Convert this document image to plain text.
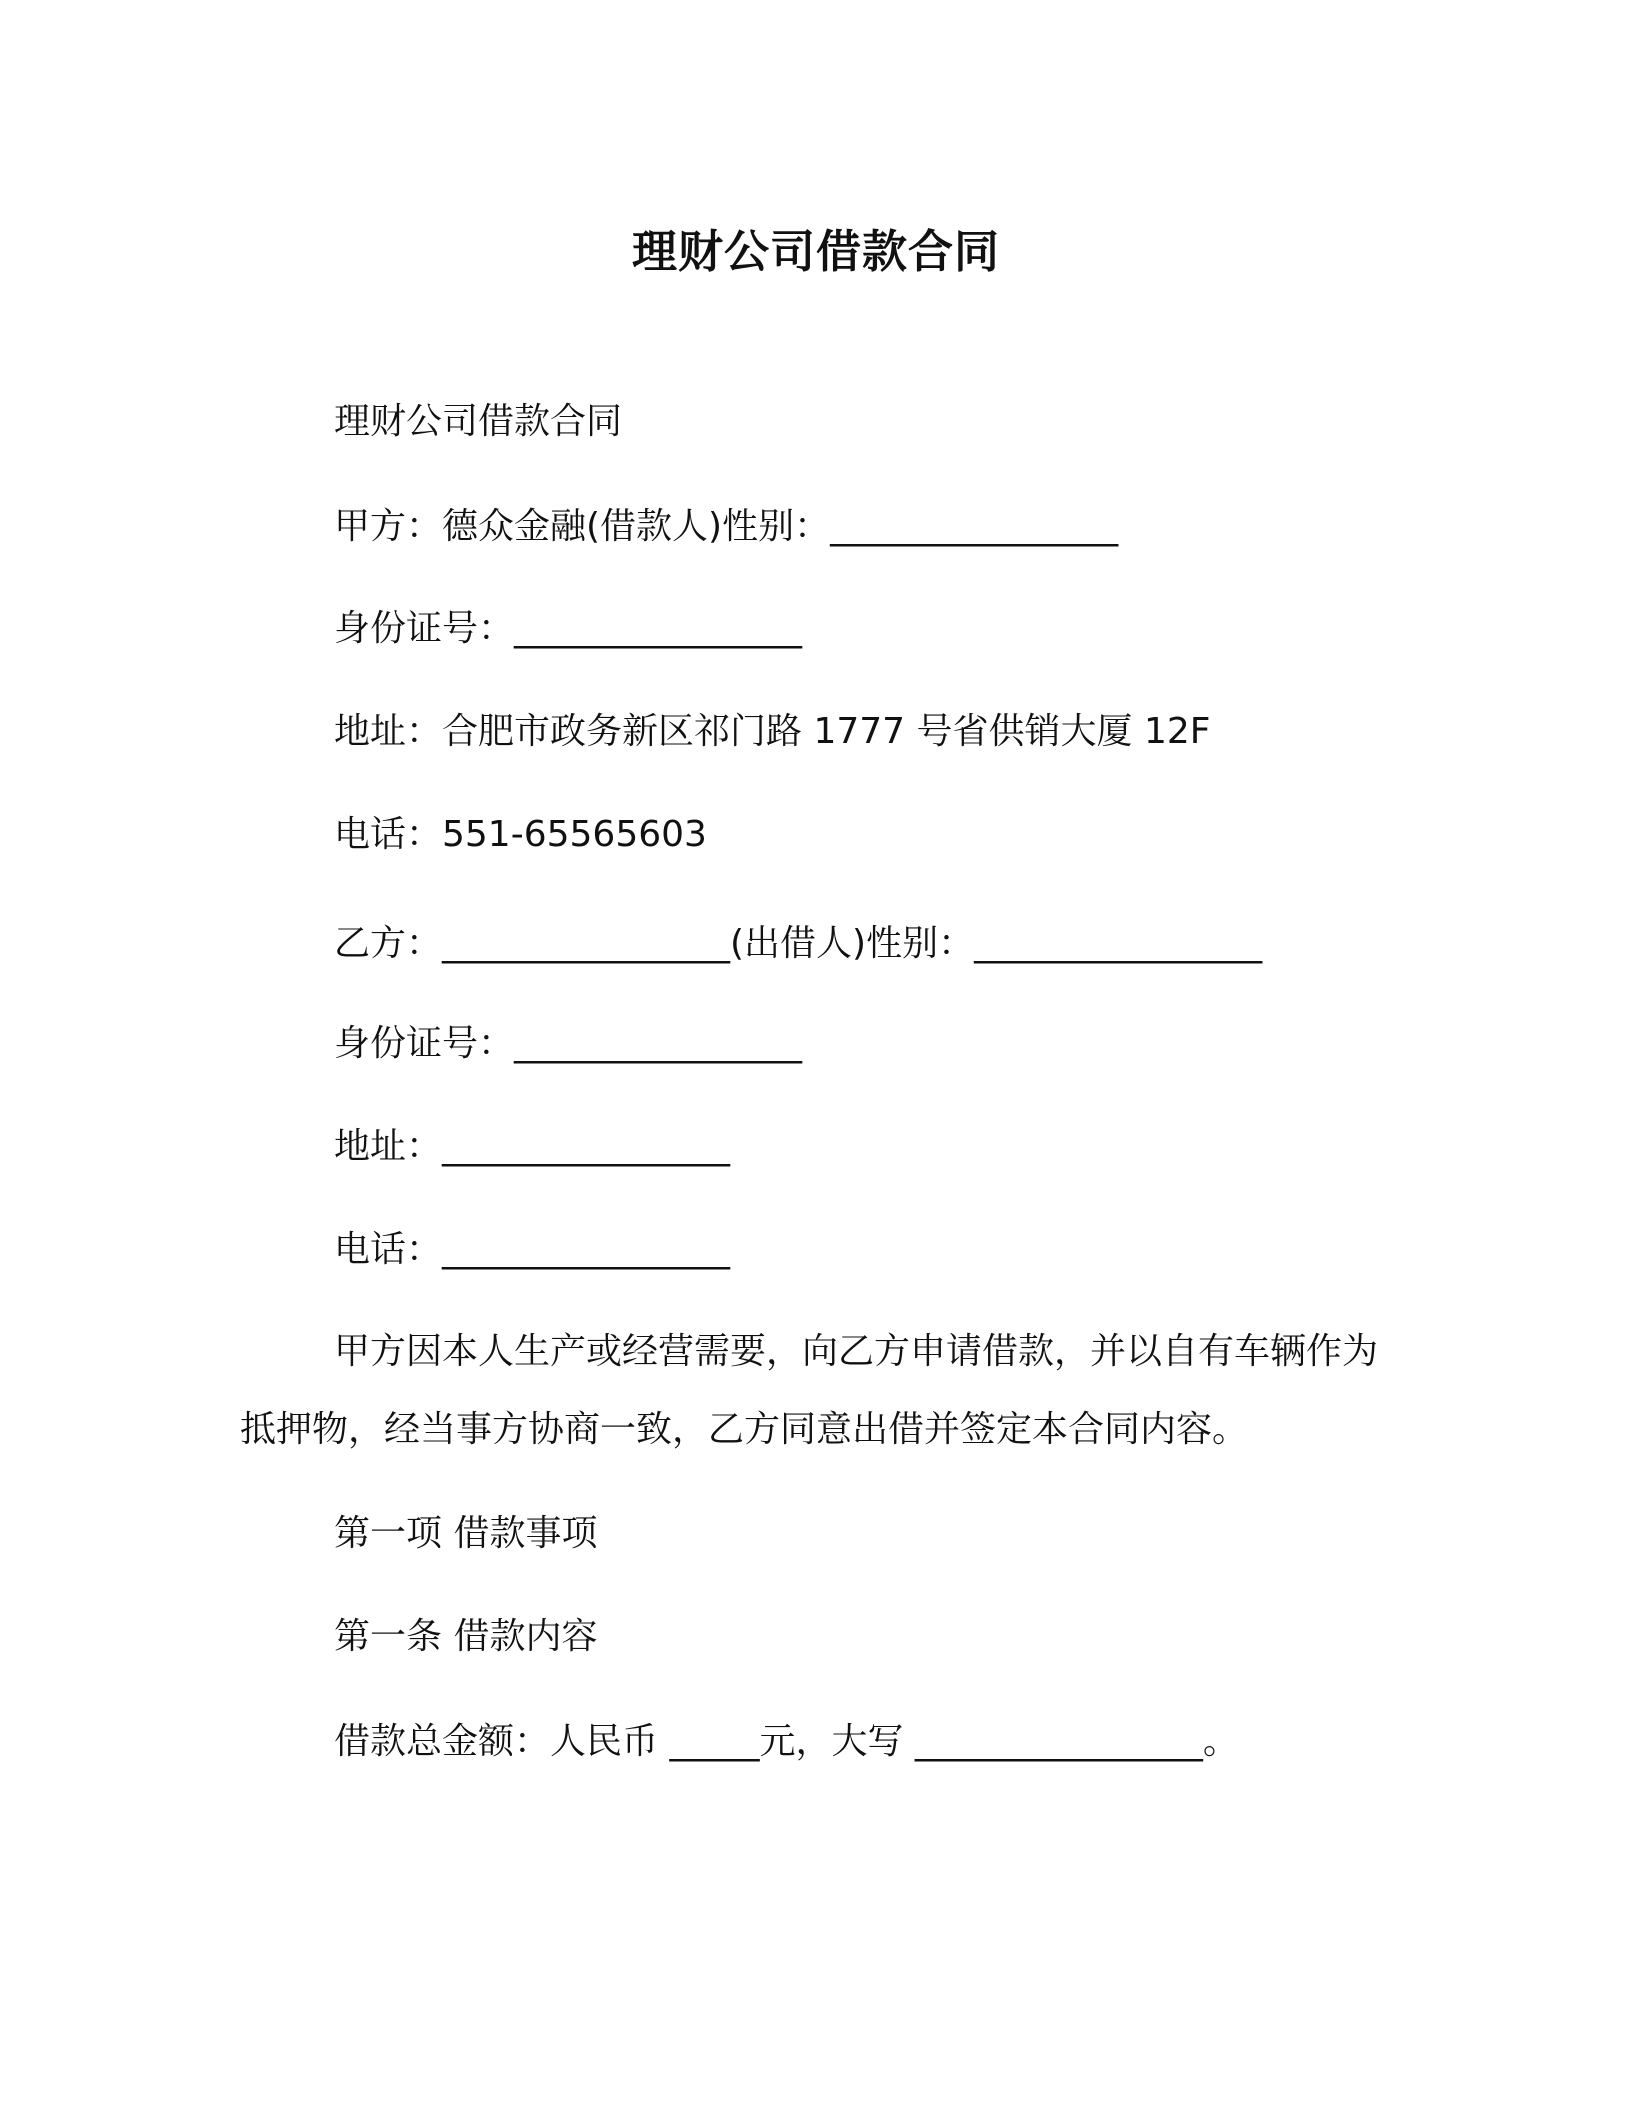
理财公司借款合同
理财公司借款合同
甲方：德众金融(借款人)性别：________________
身份证号：________________
地址：合肥市政务新区祁门路 1777 号省供销大厦 12F
电话：551-65565603
乙方：________________(出借人)性别：________________
身份证号：________________
地址：________________
电话：________________
甲方因本人生产或经营需要，向乙方申请借款，并以自有车辆作为抵押物，经当事方协商一致，乙方同意出借并签定本合同内容。
第一项 借款事项
第一条 借款内容
借款总金额：人民币 _____元，大写 ________________。
